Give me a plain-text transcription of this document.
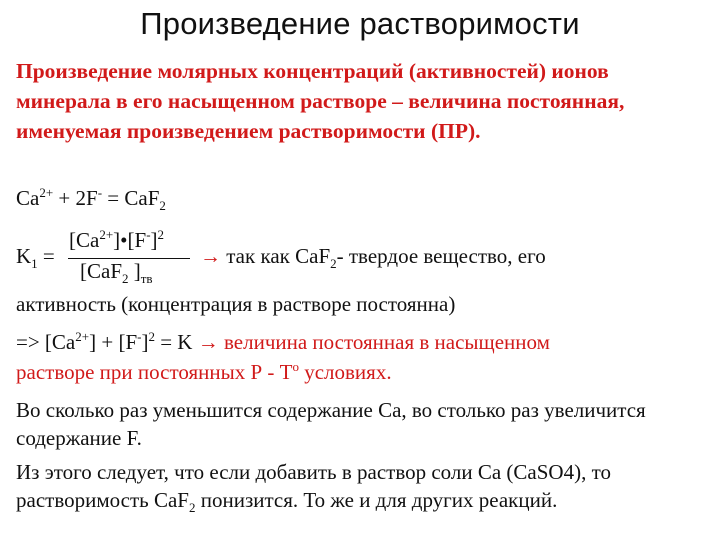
Произведение растворимости
Произведение молярных концентраций (активностей) ионов минерала в его насыщенном растворе – величина постоянная, именуемая произведением растворимости (ПР).
$Ca^{2+} + 2F^- = CaF_2$
$K_1$ =
$[Ca^{2+}]•[F^-]^2$
[CaF$_2$ ]$_{тв}$
→ так как CaF$_2$- твердое вещество, его
активность (концентрация в растворе постоянна)
=> $[Ca^{2+}] + [F^-]^2 = K$ → величина постоянная в насыщенном
растворе при постоянных Р - $Т^о$ условиях.
Во сколько раз уменьшится содержание Са, во столько раз увеличится содержание F.
Из этого следует, что если добавить в раствор соли Са (CaSO4), то
растворимость CaF$_2$ понизится. То же и для других реакций.
